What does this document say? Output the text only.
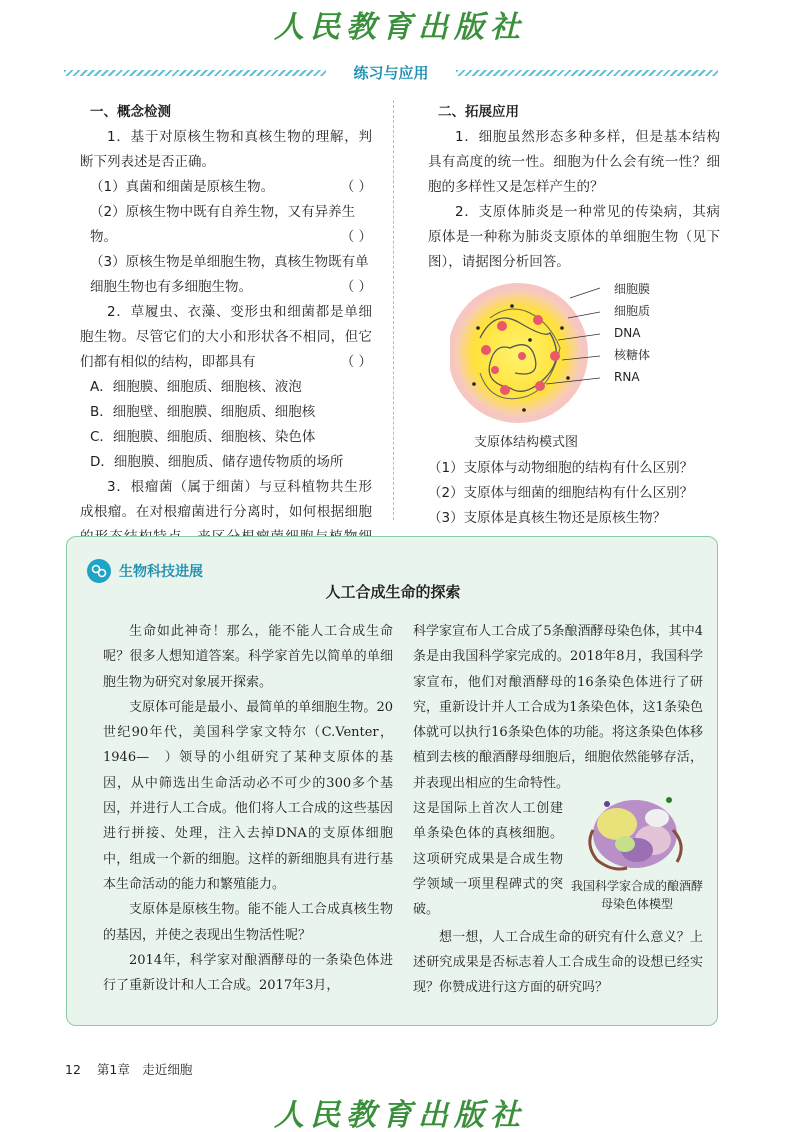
人民教育出版社
练习与应用
一、概念检测
1．基于对原核生物和真核生物的理解，判断下列表述是否正确。
（1）真菌和细菌是原核生物。	（ ）
（2）原核生物中既有自养生物，又有异养生物。	（ ）
（3）原核生物是单细胞生物，真核生物既有单细胞生物也有多细胞生物。	（ ）
2．草履虫、衣藻、变形虫和细菌都是单细胞生物。尽管它们的大小和形状各不相同，但它们都有相似的结构，即都具有	（ ）
A．细胞膜、细胞质、细胞核、液泡
B．细胞壁、细胞膜、细胞质、细胞核
C．细胞膜、细胞质、细胞核、染色体
D．细胞膜、细胞质、储存遗传物质的场所
3．根瘤菌（属于细菌）与豆科植物共生形成根瘤。在对根瘤菌进行分离时，如何根据细胞
二、拓展应用
1．细胞虽然形态多种多样，但是基本结构具有高度的统一性。细胞为什么会有统一性？细胞的多样性又是怎样产生的？
2．支原体肺炎是一种常见的传染病，其病原体是一种称为肺炎支原体的单细胞生物（见下图），请据图分析回答。
细胞膜
细胞质
DNA
核糖体
RNA
支原体结构模式图
（1）支原体与动物细胞的结构有什么区别？
（2）支原体与细菌的细胞结构有什么区别？
（3）支原体是真核生物还是原核生物？
生物科技进展
人工合成生命的探索

生命如此神奇！那么，能不能人工合成生命呢？很多人想知道答案。科学家首先以简单的单细胞生物为研究对象展开探索。

支原体可能是最小、最简单的单细胞生物。20世纪90年代，美国科学家文特尔（C.Venter，1946—　）领导的小组研究了某种支原体的基因，从中筛选出生命活动必不可少的300多个基因，并进行人工合成。他们将人工合成的这些基因进行拼接、处理，注入去掉DNA的支原体细胞中，组成一个新的细胞。这样的新细胞具有进行基本生命活动的能力和繁殖能力。

支原体是原核生物。能不能人工合成真核生物的基因，并使之表现出生物活性呢？

2014年，科学家对酿酒酵母的一条染色体进行了重新设计和人工合成。2017年3月，

科学家宣布人工合成了5条酿酒酵母染色体，其中4条是由我国科学家完成的。2018年8月，我国科学家宣布，他们对酿酒酵母的16条染色体进行了研究，重新设计并人工合成为1条染色体，这1条染色体就可以执行16条染色体的功能。将这条染色体移植到去核的酿酒酵母细胞后，细胞依然能够存活，并表现出相应的生命特性。

这是国际上首次人工创建单条染色体的真核细胞。这项研究成果是合成生物学领域一项里程碑式的突破。

想一想，人工合成生命的研究有什么意义？上述研究成果是否标志着人工合成生命的设想已经实现？你赞成进行这方面的研究吗？

我国科学家合成的酿酒酵母染色体模型
12 第1章　走近细胞
人民教育出版社
